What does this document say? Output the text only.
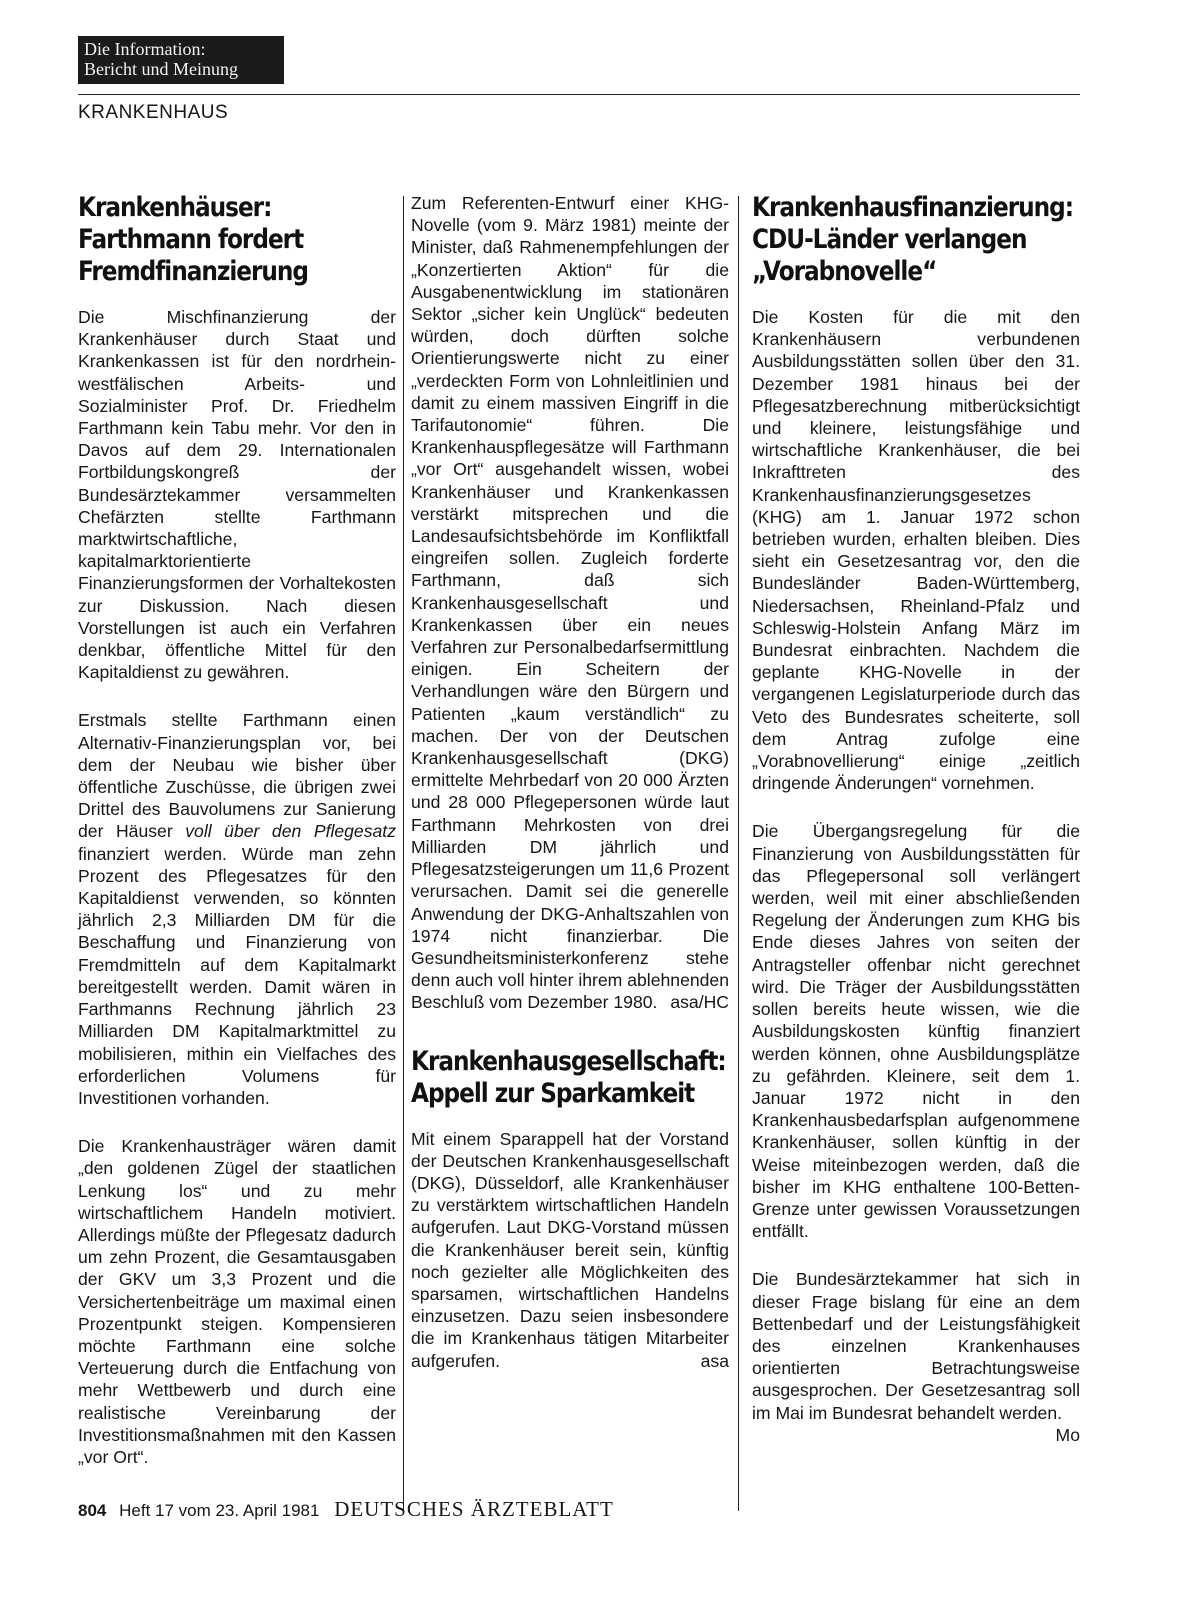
Die Information:
Bericht und Meinung
KRANKENHAUS
Krankenhäuser: Farthmann fordert Fremdfinanzierung

Die Mischfinanzierung der Krankenhäuser durch Staat und Krankenkassen ist für den nordrhein-westfälischen Arbeits- und Sozialminister Prof. Dr. Friedhelm Farthmann kein Tabu mehr. Vor den in Davos auf dem 29. Internationalen Fortbildungskongreß der Bundesärztekammer versammelten Chefärzten stellte Farthmann marktwirtschaftliche, kapitalmarktorientierte Finanzierungsformen der Vorhaltekosten zur Diskussion. Nach diesen Vorstellungen ist auch ein Verfahren denkbar, öffentliche Mittel für den Kapitaldienst zu gewähren.

Erstmals stellte Farthmann einen Alternativ-Finanzierungsplan vor, bei dem der Neubau wie bisher über öffentliche Zuschüsse, die übrigen zwei Drittel des Bauvolumens zur Sanierung der Häuser voll über den Pflegesatz finanziert werden. Würde man zehn Prozent des Pflegesatzes für den Kapitaldienst verwenden, so könnten jährlich 2,3 Milliarden DM für die Beschaffung und Finanzierung von Fremdmitteln auf dem Kapitalmarkt bereitgestellt werden. Damit wären in Farthmanns Rechnung jährlich 23 Milliarden DM Kapitalmarktmittel zu mobilisieren, mithin ein Vielfaches des erforderlichen Volumens für Investitionen vorhanden.

Die Krankenhausträger wären damit „den goldenen Zügel der staatlichen Lenkung los“ und zu mehr wirtschaftlichem Handeln motiviert. Allerdings müßte der Pflegesatz dadurch um zehn Prozent, die Gesamtausgaben der GKV um 3,3 Prozent und die Versichertenbeiträge um maximal einen Prozentpunkt steigen. Kompensieren möchte Farthmann eine solche Verteuerung durch die Entfachung von mehr Wettbewerb und durch eine realistische Vereinbarung der Investitionsmaßnahmen mit den Kassen „vor Ort“.

Zum Referenten-Entwurf einer KHG-Novelle (vom 9. März 1981) meinte der Minister, daß Rahmenempfehlungen der „Konzertierten Aktion“ für die Ausgabenentwicklung im stationären Sektor „sicher kein Unglück“ bedeuten würden, doch dürften solche Orientierungswerte nicht zu einer „verdeckten Form von Lohnleitlinien und damit zu einem massiven Eingriff in die Tarifautonomie“ führen. Die Krankenhauspflegesätze will Farthmann „vor Ort“ ausgehandelt wissen, wobei Krankenhäuser und Krankenkassen verstärkt mitsprechen und die Landesaufsichtsbehörde im Konfliktfall eingreifen sollen. Zugleich forderte Farthmann, daß sich Krankenhausgesellschaft und Krankenkassen über ein neues Verfahren zur Personalbedarfsermittlung einigen. Ein Scheitern der Verhandlungen wäre den Bürgern und Patienten „kaum verständlich“ zu machen. Der von der Deutschen Krankenhausgesellschaft (DKG) ermittelte Mehrbedarf von 20 000 Ärzten und 28 000 Pflegepersonen würde laut Farthmann Mehrkosten von drei Milliarden DM jährlich und Pflegesatzsteigerungen um 11,6 Prozent verursachen. Damit sei die generelle Anwendung der DKG-Anhaltszahlen von 1974 nicht finanzierbar. Die Gesundheitsministerkonferenz stehe denn auch voll hinter ihrem ablehnenden Beschluß vom Dezember 1980. asa/HC

Krankenhausgesellschaft: Appell zur Sparkamkeit

Mit einem Sparappell hat der Vorstand der Deutschen Krankenhausgesellschaft (DKG), Düsseldorf, alle Krankenhäuser zu verstärktem wirtschaftlichen Handeln aufgerufen. Laut DKG-Vorstand müssen die Krankenhäuser bereit sein, künftig noch gezielter alle Möglichkeiten des sparsamen, wirtschaftlichen Handelns einzusetzen. Dazu seien insbesondere die im Krankenhaus tätigen Mitarbeiter aufgerufen.	asa

Krankenhausfinanzierung: CDU-Länder verlangen „Vorabnovelle“

Die Kosten für die mit den Krankenhäusern verbundenen Ausbildungsstätten sollen über den 31. Dezember 1981 hinaus bei der Pflegesatzberechnung mitberücksichtigt und kleinere, leistungsfähige und wirtschaftliche Krankenhäuser, die bei Inkrafttreten des Krankenhausfinanzierungsgesetzes (KHG) am 1. Januar 1972 schon betrieben wurden, erhalten bleiben. Dies sieht ein Gesetzesantrag vor, den die Bundesländer Baden-Württemberg, Niedersachsen, Rheinland-Pfalz und Schleswig-Holstein Anfang März im Bundesrat einbrachten. Nachdem die geplante KHG-Novelle in der vergangenen Legislaturperiode durch das Veto des Bundesrates scheiterte, soll dem Antrag zufolge eine „Vorabnovellierung“ einige „zeitlich dringende Änderungen“ vornehmen.

Die Übergangsregelung für die Finanzierung von Ausbildungsstätten für das Pflegepersonal soll verlängert werden, weil mit einer abschließenden Regelung der Änderungen zum KHG bis Ende dieses Jahres von seiten der Antragsteller offenbar nicht gerechnet wird. Die Träger der Ausbildungsstätten sollen bereits heute wissen, wie die Ausbildungskosten künftig finanziert werden können, ohne Ausbildungsplätze zu gefährden. Kleinere, seit dem 1. Januar 1972 nicht in den Krankenhausbedarfsplan aufgenommene Krankenhäuser, sollen künftig in der Weise miteinbezogen werden, daß die bisher im KHG enthaltene 100-Betten-Grenze unter gewissen Voraussetzungen entfällt.

Die Bundesärztekammer hat sich in dieser Frage bislang für eine an dem Bettenbedarf und der Leistungsfähigkeit des einzelnen Krankenhauses orientierten Betrachtungsweise ausgesprochen. Der Gesetzesantrag soll im Mai im Bundesrat behandelt werden.
Mo

804 Heft 17 vom 23. April 1981 DEUTSCHES ÄRZTEBLATT
